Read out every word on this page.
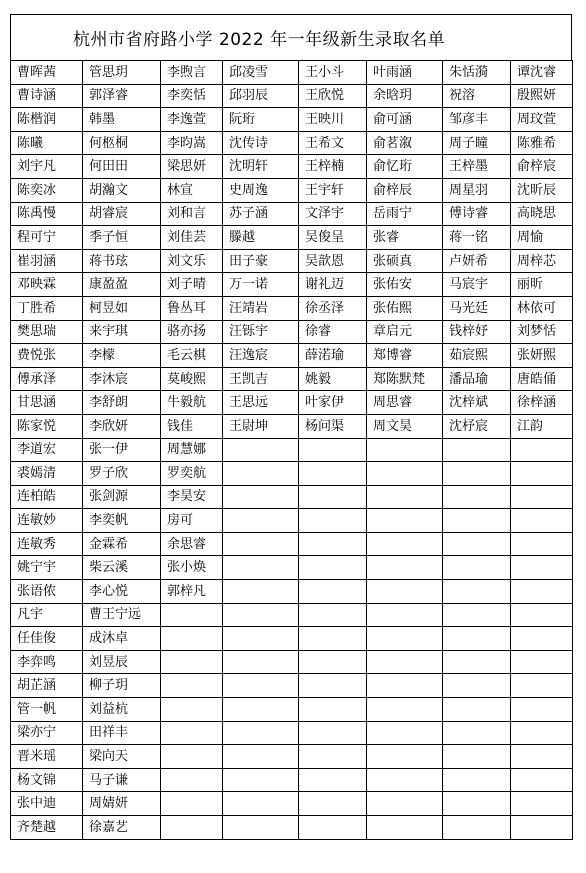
杭州市省府路小学 2022 年一年级新生录取名单
曹晖茜	管思玥	李煦言	邱凌雪	王小斗	叶雨涵	朱恬漪	谭沈睿
曹诗涵	郭泽睿	李奕恬	邱羽辰	王欣悦	余晗玥	祝溶	殷熙妍
陈楷润	韩墨	李逸萱	阮珩	王映川	俞可涵	邹彦丰	周玟萱
陈曦	何柩桐	李昀嵩	沈传诗	王希文	俞茗溆	周子瞳	陈雅希
刘宇凡	何田田	梁思妍	沈明轩	王梓楠	俞忆珩	王梓墨	俞梓宸
陈奕冰	胡瀚文	林宣	史周逸	王宇轩	俞梓辰	周星羽	沈昕辰
陈禹慢	胡睿宸	刘和言	苏子涵	文泽宇	岳雨宁	傅诗睿	高晓思
程可宁	季子恒	刘佳芸	滕越	吴俊呈	张睿	蒋一铭	周愉
崔羽涵	蒋书玹	刘文乐	田子豪	吴歆恩	张硕真	卢妍希	周梓芯
邓映霖	康盈盈	刘子晴	万一诺	谢礼迈	张佑安	马宸宇	丽昕
丁胜希	柯昱如	鲁丛耳	汪靖岩	徐丞泽	张佑熙	马光廷	林依可
樊思瑞	来宇琪	骆亦扬	汪铄宇	徐睿	章启元	钱梓妤	刘梦恬
费悦张	李檬	毛云棋	汪逸宸	薛渃瑜	郑博睿	茹宸熙	张妍熙
傅承泽	李沐宸	莫峻熙	王凯吉	姚毅	郑陈默梵	潘品瑜	唐皓俑
甘思涵	李舒朗	牛毅航	王思远	叶家伊	周思睿	沈梓斌	徐梓涵
陈家悦	李欣妍	钱佳	王尉坤	杨问渠	周文昊	沈杼宸	江韵
李道宏	张一伊	周慧娜					
裘嫣清	罗子欣	罗奕航					
连柏皓	张剑源	李昊安					
连敏妙	李奕帆	房可					
连敏秀	金霖希	余思睿					
姚宁宇	柴云溪	张小焕					
张语侬	李心悦	郭梓凡					
凡宇	曹王宁远						
任佳俊	成沐卓						
李弈鸣	刘昱辰						
胡芷涵	柳子玥						
管一帆	刘益杭						
梁亦宁	田祥丰						
晋米瑶	梁向天						
杨文锦	马子谦						
张中迪	周婧妍						
齐楚越	徐嘉艺						
